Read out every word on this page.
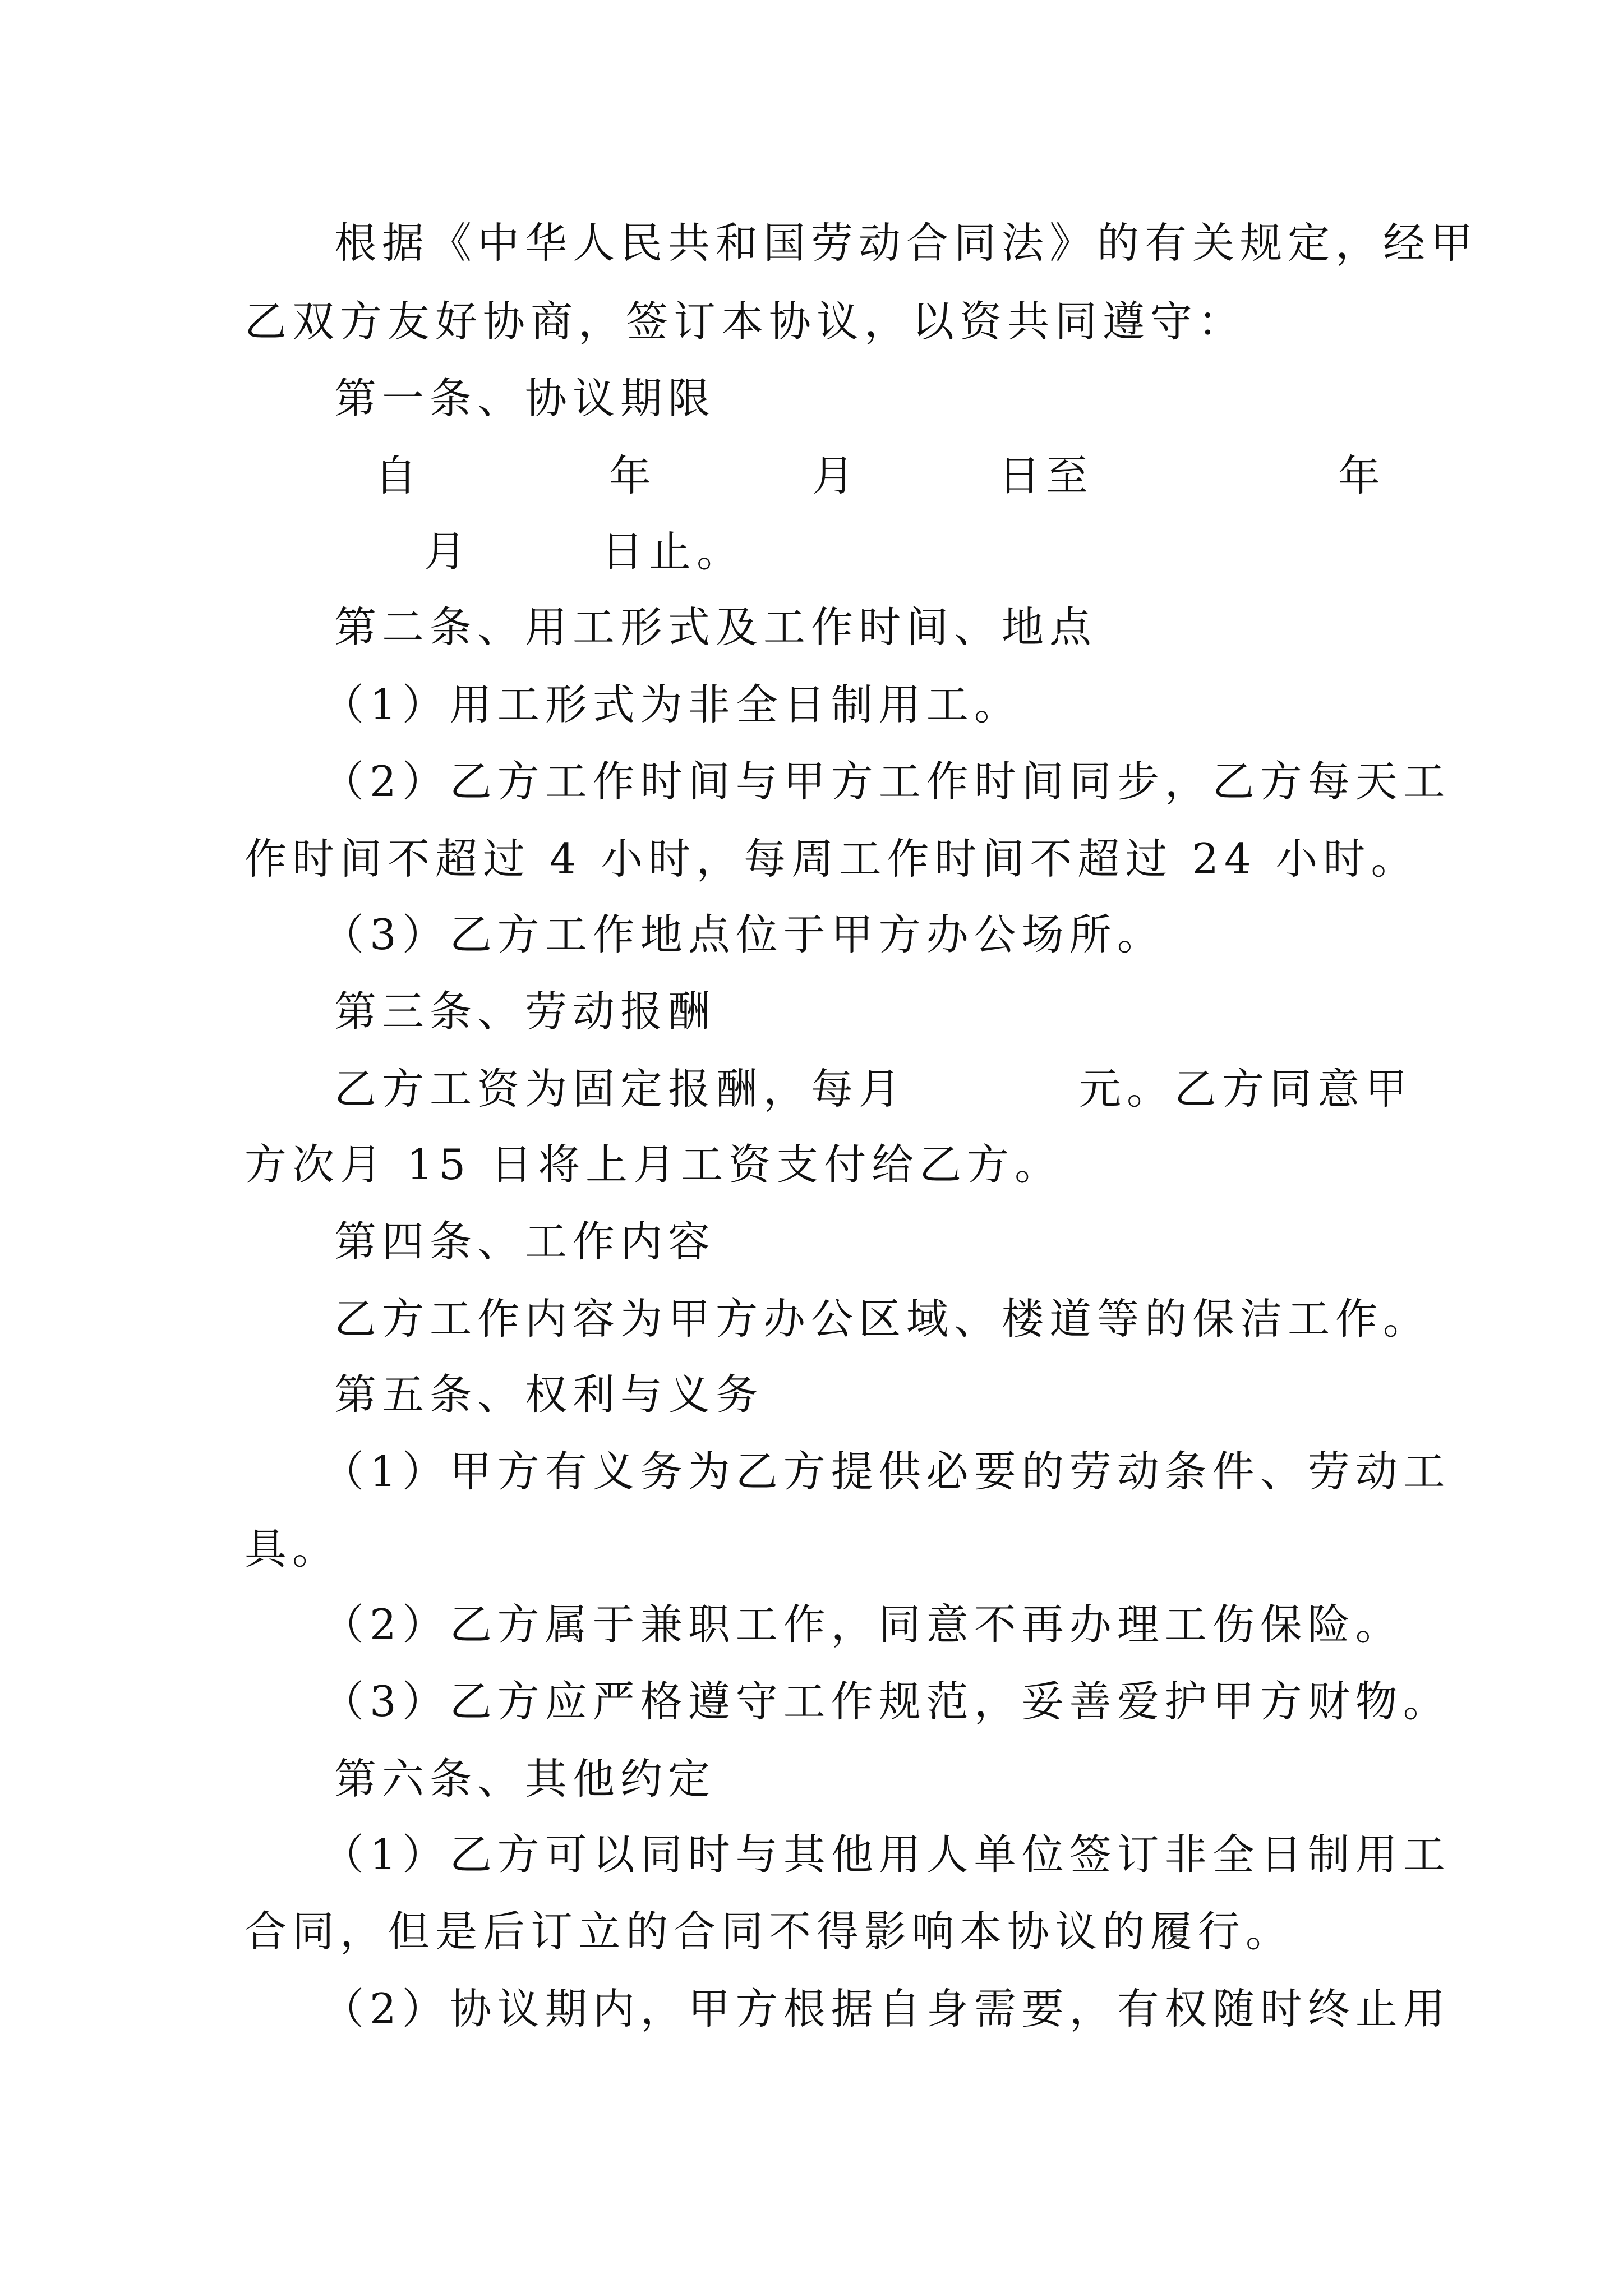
根据《中华人民共和国劳动合同法》的有关规定，经甲
乙双方友好协商，签订本协议，以资共同遵守：
第一条、协议期限
自	年	月	日至	年
月	日止。
第二条、用工形式及工作时间、地点
（1）用工形式为非全日制用工。
（2）乙方工作时间与甲方工作时间同步，乙方每天工
作时间不超过 4 小时，每周工作时间不超过 24 小时。
（3）乙方工作地点位于甲方办公场所。
第三条、劳动报酬
乙方工资为固定报酬，每月	元。乙方同意甲
方次月 15 日将上月工资支付给乙方。
第四条、工作内容
乙方工作内容为甲方办公区域、楼道等的保洁工作。
第五条、权利与义务
（1）甲方有义务为乙方提供必要的劳动条件、劳动工
具。
（2）乙方属于兼职工作，同意不再办理工伤保险。
（3）乙方应严格遵守工作规范，妥善爱护甲方财物。
第六条、其他约定
（1）乙方可以同时与其他用人单位签订非全日制用工
合同，但是后订立的合同不得影响本协议的履行。
（2）协议期内，甲方根据自身需要，有权随时终止用
